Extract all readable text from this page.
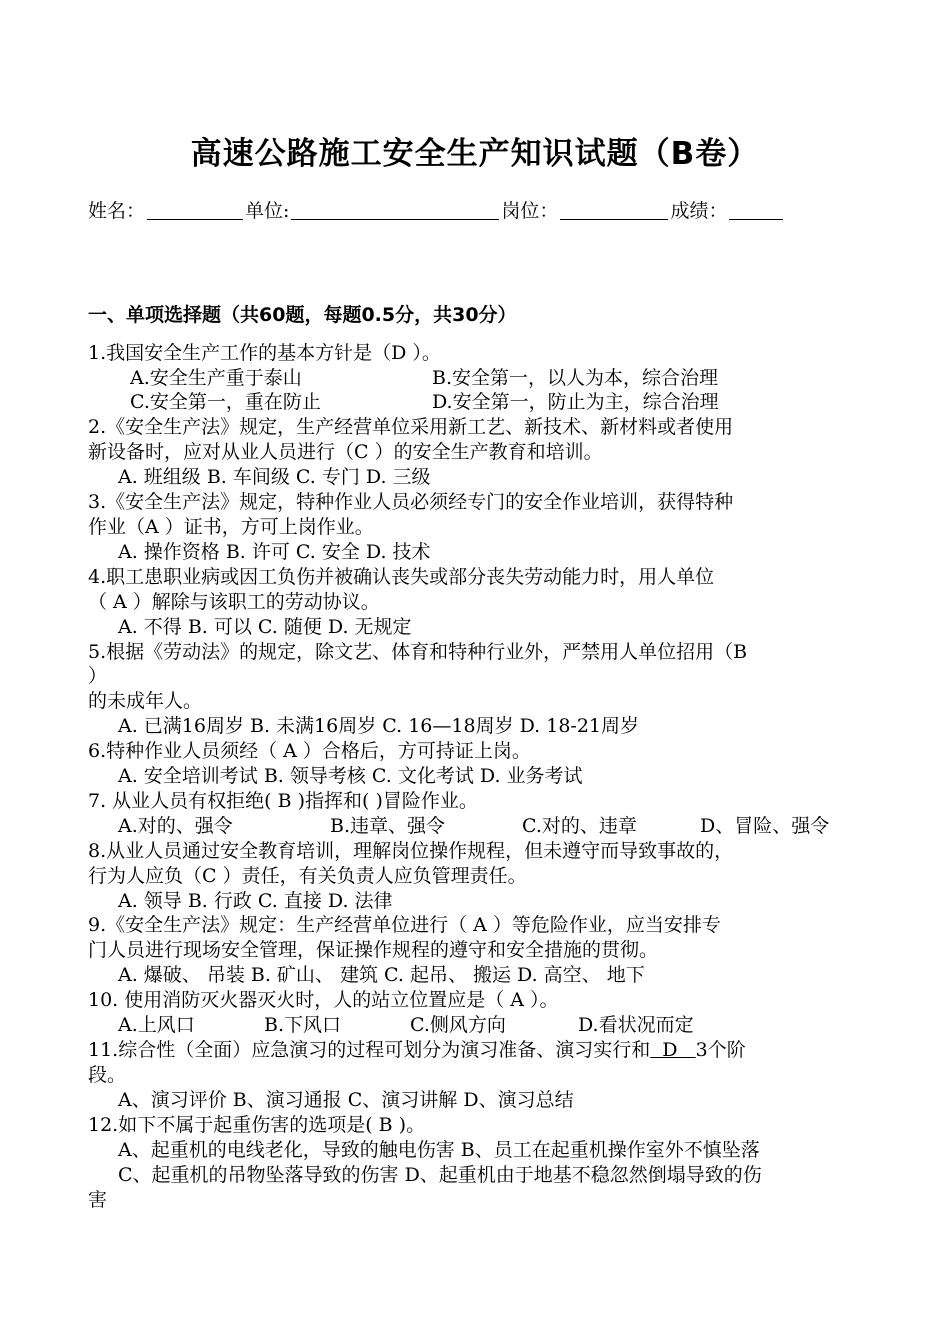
高速公路施工安全生产知识试题（B卷）
姓名：	单位:	岗位：	成绩：
一、单项选择题（共60题，每题0.5分，共30分）
1.我国安全生产工作的基本方针是（D ）。
A.安全生产重于泰山	B.安全第一，以人为本，综合治理
C.安全第一，重在防止	D.安全第一，防止为主，综合治理
2.《安全生产法》规定，生产经营单位采用新工艺、新技术、新材料或者使用
新设备时，应对从业人员进行（C ）的安全生产教育和培训。
A. 班组级 B. 车间级 C. 专门 D. 三级
3.《安全生产法》规定，特种作业人员必须经专门的安全作业培训，获得特种
作业（A ）证书，方可上岗作业。
A. 操作资格 B. 许可 C. 安全 D. 技术
4.职工患职业病或因工负伤并被确认丧失或部分丧失劳动能力时，用人单位
（ A ）解除与该职工的劳动协议。
A. 不得 B. 可以 C. 随便 D. 无规定
5.根据《劳动法》的规定，除文艺、体育和特种行业外，严禁用人单位招用（B
）
的未成年人。
A. 已满16周岁 B. 未满16周岁 C. 16—18周岁 D. 18-21周岁
6.特种作业人员须经（ A ）合格后，方可持证上岗。
A. 安全培训考试 B. 领导考核 C. 文化考试 D. 业务考试
7. 从业人员有权拒绝( B )指挥和( )冒险作业。
A.对的、强令	B.违章、强令	C.对的、违章	D、冒险、强令
8.从业人员通过安全教育培训，理解岗位操作规程，但未遵守而导致事故的，
行为人应负（C ）责任，有关负责人应负管理责任。
A. 领导 B. 行政 C. 直接 D. 法律
9.《安全生产法》规定：生产经营单位进行（ A ）等危险作业，应当安排专
门人员进行现场安全管理，保证操作规程的遵守和安全措施的贯彻。
A. 爆破、 吊装 B. 矿山、 建筑 C. 起吊、 搬运 D. 高空、 地下
10. 使用消防灭火器灭火时，人的站立位置应是（ A ）。
A.上风口	B.下风口	C.侧风方向	D.看状况而定
11.综合性（全面）应急演习的过程可划分为演习准备、演习实行和  D   3个阶
段。
A、演习评价 B、演习通报 C、演习讲解 D、演习总结
12.如下不属于起重伤害的选项是( B )。
A、起重机的电线老化，导致的触电伤害 B、员工在起重机操作室外不慎坠落
C、起重机的吊物坠落导致的伤害 D、起重机由于地基不稳忽然倒塌导致的伤
害
